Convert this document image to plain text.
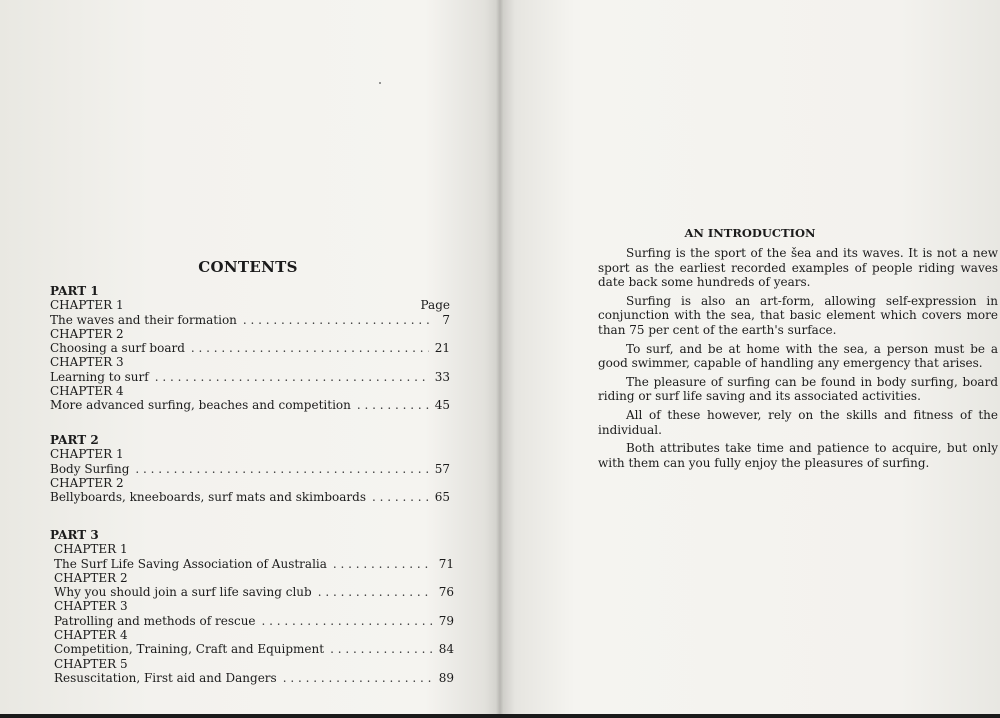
CONTENTS
PART 1
CHAPTER 1	Page
The waves and their formation . . .	7
CHAPTER 2
Choosing a surf board . . .	21
CHAPTER 3
Learning to surf . . .	33
CHAPTER 4
More advanced surfing, beaches and competition . . .	45
PART 2
CHAPTER 1
Body Surfing . . .	57
CHAPTER 2
Bellyboards, kneeboards, surf mats and skimboards . . .	65
PART 3
CHAPTER 1
The Surf Life Saving Association of Australia . . .	71
CHAPTER 2
Why you should join a surf life saving club . . .	76
CHAPTER 3
Patrolling and methods of rescue . . .	79
CHAPTER 4
Competition, Training, Craft and Equipment . . .	84
CHAPTER 5
Resuscitation, First aid and Dangers . . .	89
AN INTRODUCTION

Surfing is the sport of the šea and its waves. It is not a new sport as the earliest recorded examples of people riding waves date back some hundreds of years.

Surfing is also an art-form, allowing self-expression in conjunction with the sea, that basic element which covers more than 75 per cent of the earth's surface.

To surf, and be at home with the sea, a person must be a good swimmer, capable of handling any emergency that arises.

The pleasure of surfing can be found in body surfing, board riding or surf life saving and its associated activities.

All of these however, rely on the skills and fitness of the individual.

Both attributes take time and patience to acquire, but only with them can you fully enjoy the pleasures of surfing.
